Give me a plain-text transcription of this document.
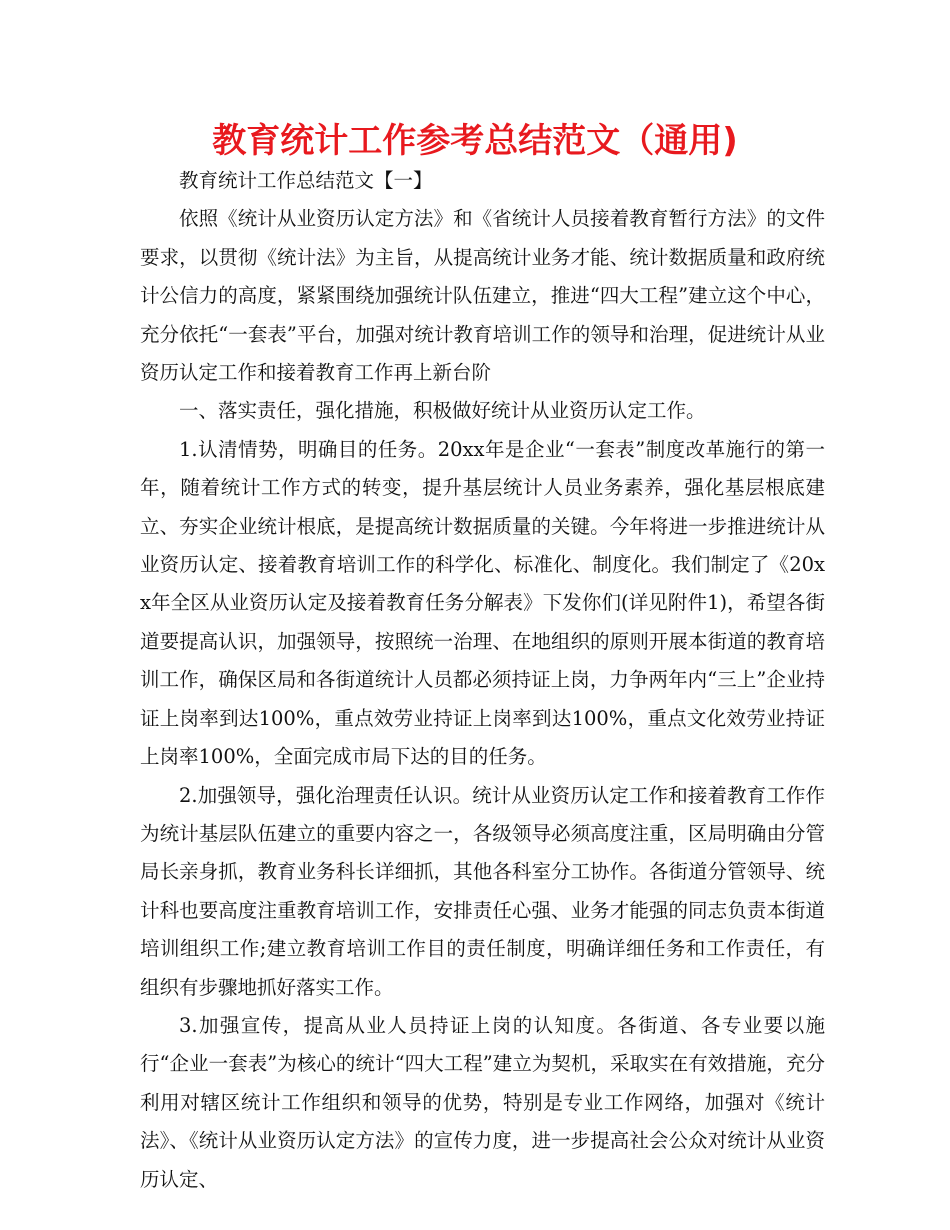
教育统计工作参考总结范文（通用)

教育统计工作总结范文【一】

依照《统计从业资历认定方法》和《省统计人员接着教育暂行方法》的文件要求，以贯彻《统计法》为主旨，从提高统计业务才能、统计数据质量和政府统计公信力的高度，紧紧围绕加强统计队伍建立，推进“四大工程”建立这个中心，充分依托“一套表”平台，加强对统计教育培训工作的领导和治理，促进统计从业资历认定工作和接着教育工作再上新台阶

一、落实责任，强化措施，积极做好统计从业资历认定工作。

1.认清情势，明确目的任务。20xx年是企业“一套表”制度改革施行的第一年，随着统计工作方式的转变，提升基层统计人员业务素养，强化基层根底建立、夯实企业统计根底，是提高统计数据质量的关键。今年将进一步推进统计从业资历认定、接着教育培训工作的科学化、标准化、制度化。我们制定了《20xx年全区从业资历认定及接着教育任务分解表》下发你们(详见附件1)，希望各街道要提高认识，加强领导，按照统一治理、在地组织的原则开展本街道的教育培训工作，确保区局和各街道统计人员都必须持证上岗，力争两年内“三上”企业持证上岗率到达100%，重点效劳业持证上岗率到达100%，重点文化效劳业持证上岗率100%，全面完成市局下达的目的任务。

2.加强领导，强化治理责任认识。统计从业资历认定工作和接着教育工作作为统计基层队伍建立的重要内容之一，各级领导必须高度注重，区局明确由分管局长亲身抓，教育业务科长详细抓，其他各科室分工协作。各街道分管领导、统计科也要高度注重教育培训工作，安排责任心强、业务才能强的同志负责本街道培训组织工作;建立教育培训工作目的责任制度，明确详细任务和工作责任，有组织有步骤地抓好落实工作。

3.加强宣传，提高从业人员持证上岗的认知度。各街道、各专业要以施行“企业一套表”为核心的统计“四大工程”建立为契机，采取实在有效措施，充分利用对辖区统计工作组织和领导的优势，特别是专业工作网络，加强对《统计法》、《统计从业资历认定方法》的宣传力度，进一步提高社会公众对统计从业资历认定、
